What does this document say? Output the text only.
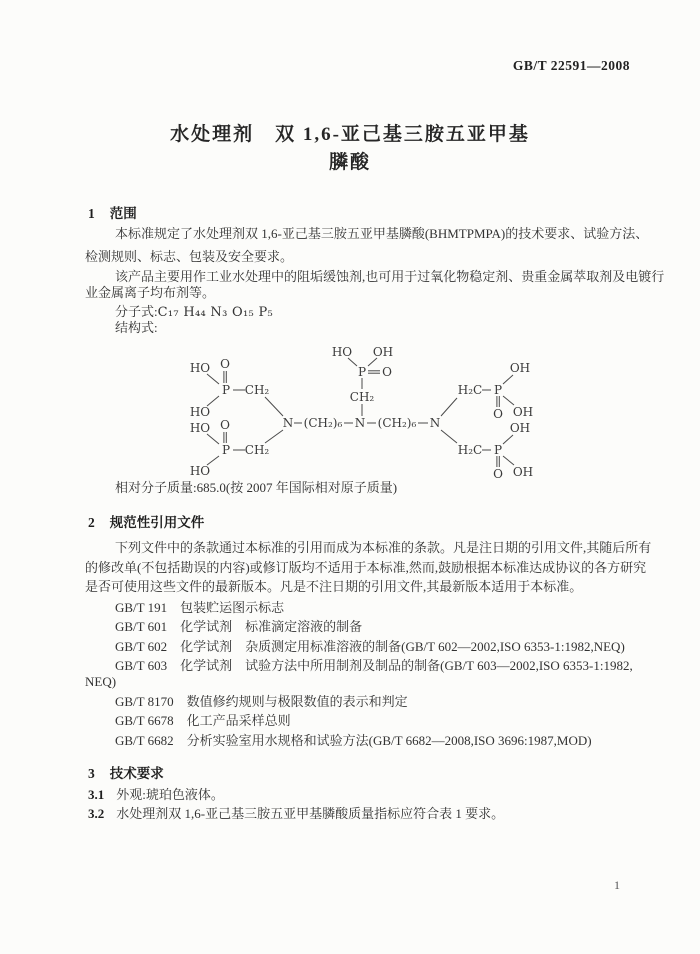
GB/T 22591—2008
水处理剂　双 1,6-亚己基三胺五亚甲基
膦酸
1 范围
本标准规定了水处理剂双 1,6-亚己基三胺五亚甲基膦酸(BHMTPMPA)的技术要求、试验方法、
检测规则、标志、包装及安全要求。
该产品主要用作工业水处理中的阻垢缓蚀剂,也可用于过氧化物稳定剂、贵重金属萃取剂及电镀行
业金属离子均布剂等。
分子式:C₁₇ H₄₄ N₃ O₁₅ P₅
结构式:
HO O
P CH₂
HO
HO O
P CH₂
HO
N (CH₂)₆ N (CH₂)₆ N
HO OH
P O
CH₂	H₂C P
OH
O OH
H₂C P
OH
O OH
相对分子质量:685.0(按 2007 年国际相对原子质量)
2 规范性引用文件
下列文件中的条款通过本标准的引用而成为本标准的条款。凡是注日期的引用文件,其随后所有
的修改单(不包括勘误的内容)或修订版均不适用于本标准,然而,鼓励根据本标准达成协议的各方研究
是否可使用这些文件的最新版本。凡是不注日期的引用文件,其最新版本适用于本标准。
GB/T 191　包装贮运图示标志
GB/T 601　化学试剂　标准滴定溶液的制备
GB/T 602　化学试剂　杂质测定用标准溶液的制备(GB/T 602—2002,ISO 6353-1:1982,NEQ)
GB/T 603　化学试剂　试验方法中所用制剂及制品的制备(GB/T 603—2002,ISO 6353-1:1982,
NEQ)
GB/T 8170　数值修约规则与极限数值的表示和判定
GB/T 6678　化工产品采样总则
GB/T 6682　分析实验室用水规格和试验方法(GB/T 6682—2008,ISO 3696:1987,MOD)
3 技术要求
3.1 外观:琥珀色液体。
3.2 水处理剂双 1,6-亚己基三胺五亚甲基膦酸质量指标应符合表 1 要求。
1
